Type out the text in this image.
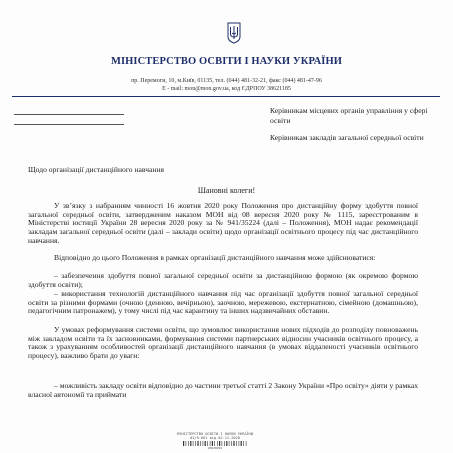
МІНІСТЕРСТВО ОСВІТИ І НАУКИ УКРАЇНИ
пр. Перемоги, 10, м.Київ, 01135, тел. (044) 481-32-21, факс (044) 481-47-96
E - mail: mon@mon.gov.ua, код ЄДРПОУ 38621185
Керівникам місцевих органів управління у сфері освіти
Керівникам закладів загальної середньої освіти
Щодо організації дистанційного навчання
Шановні колеги!
У зв’язку з набранням чинності 16 жовтня 2020 року Положення про дистанційну форму здобуття повної загальної середньої освіти, затвердженим наказом МОН від 08 вересня 2020 року № 1115, зареєстрованим в Міністерстві юстиції України 28 вересня 2020 року за № 941/35224 (далі – Положення), МОН надає рекомендації закладам загальної середньої освіти (далі – заклади освіти) щодо організації освітнього процесу під час дистанційного навчання.
Відповідно до цього Положення в рамках організації дистанційного навчання може здійснюватися:
– забезпечення здобуття повної загальної середньої освіти за дистанційною формою (як окремою формою здобуття освіти);
– використання технологій дистанційного навчання під час організації здобуття повної загальної середньої освіти за різними формами (очною (денною, вечірньою), заочною, мережевою, екстернатною, сімейною (домашньою), педагогічним патронажем), у тому числі під час карантину та інших надзвичайних обставин.
У умовах реформування системи освіти, що зумовлює використання нових підходів до розподілу повноважень між закладом освіти та їх засновниками, формування системи партнерських відносин учасників освітнього процесу, а також з урахуванням особливостей організації дистанційного навчання (в умовах віддаленості учасників освітнього процесу), важливо брати до уваги:
– можливість закладу освіти відповідно до частини третьої статті 2 Закону України «Про освіту» діяти у рамках власної автономії та приймати
МІНІСТЕРСТВО ОСВІТИ І НАУКИ УКРАЇНИ
#1/9-661 від 02.11.2020
20628992
